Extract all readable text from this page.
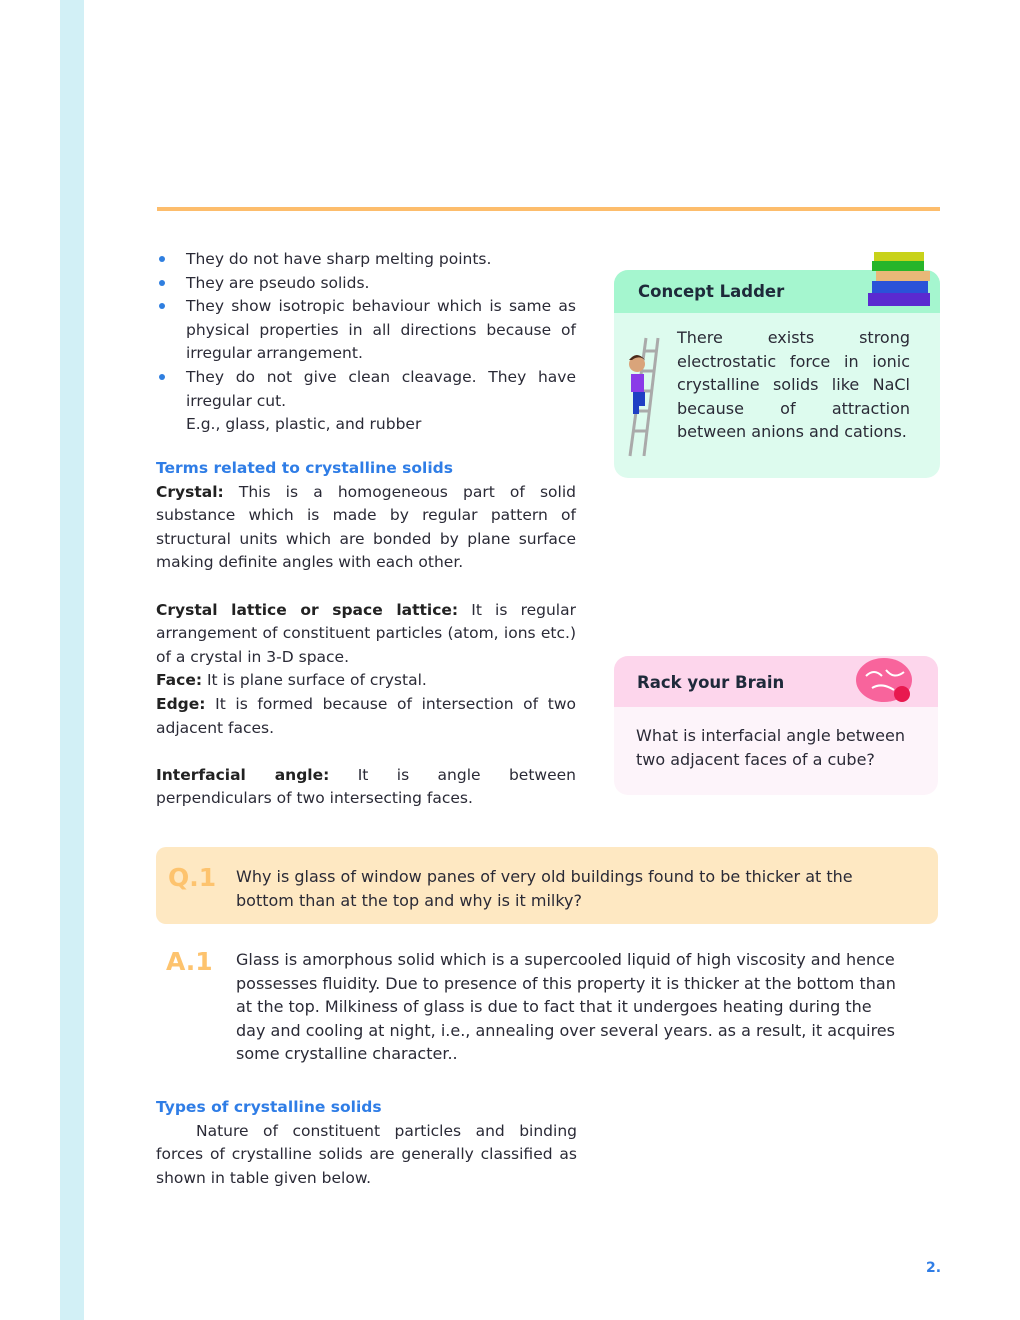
They do not have sharp melting points.
They are pseudo solids.
They show isotropic behaviour which is same as physical properties in all directions because of irregular arrangement.
They do not give clean cleavage. They have irregular cut.
E.g., glass, plastic, and rubber
Terms related to crystalline solids

Crystal: This is a homogeneous part of solid substance which is made by regular pattern of structural units which are bonded by plane surface making definite angles with each other.

Crystal lattice or space lattice: It is regular arrangement of constituent particles (atom, ions etc.) of a crystal in 3-D space.

Face: It is plane surface of crystal.

Edge: It is formed because of intersection of two adjacent faces.

Interfacial angle: It is angle between perpendiculars of two intersecting faces.

Concept Ladder
There exists strong electrostatic force in ionic crystalline solids like NaCl because of attraction between anions and cations.
Rack your Brain
What is interfacial angle between two adjacent faces of a cube?
Q.1 Why is glass of window panes of very old buildings found to be thicker at the bottom than at the top and why is it milky?
A.1 Glass is amorphous solid which is a supercooled liquid of high viscosity and hence possesses fluidity. Due to presence of this property it is thicker at the bottom than at the top. Milkiness of glass is due to fact that it undergoes heating during the day and cooling at night, i.e., annealing over several years. as a result, it acquires some crystalline character..
Types of crystalline solids

Nature of constituent particles and binding forces of crystalline solids are generally classified as shown in table given below.

2.
